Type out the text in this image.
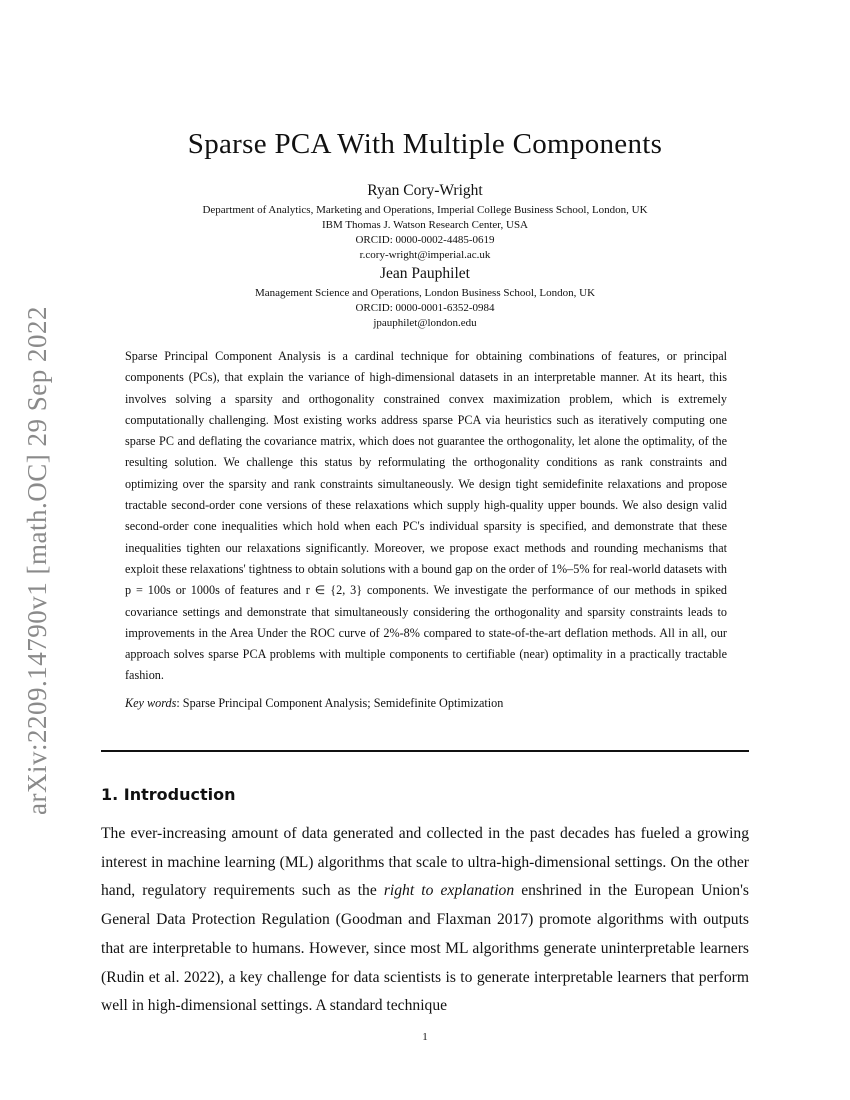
arXiv:2209.14790v1 [math.OC] 29 Sep 2022
Sparse PCA With Multiple Components
Ryan Cory-Wright
Department of Analytics, Marketing and Operations, Imperial College Business School, London, UK
IBM Thomas J. Watson Research Center, USA
ORCID: 0000-0002-4485-0619
r.cory-wright@imperial.ac.uk
Jean Pauphilet
Management Science and Operations, London Business School, London, UK
ORCID: 0000-0001-6352-0984
jpauphilet@london.edu

Sparse Principal Component Analysis is a cardinal technique for obtaining combinations of features, or principal components (PCs), that explain the variance of high-dimensional datasets in an interpretable manner. At its heart, this involves solving a sparsity and orthogonality constrained convex maximization problem, which is extremely computationally challenging. Most existing works address sparse PCA via heuristics such as iteratively computing one sparse PC and deflating the covariance matrix, which does not guarantee the orthogonality, let alone the optimality, of the resulting solution. We challenge this status by reformulating the orthogonality conditions as rank constraints and optimizing over the sparsity and rank constraints simultaneously. We design tight semidefinite relaxations and propose tractable second-order cone versions of these relaxations which supply high-quality upper bounds. We also design valid second-order cone inequalities which hold when each PC's individual sparsity is specified, and demonstrate that these inequalities tighten our relaxations significantly. Moreover, we propose exact methods and rounding mechanisms that exploit these relaxations' tightness to obtain solutions with a bound gap on the order of 1%–5% for real-world datasets with p = 100s or 1000s of features and r ∈ {2, 3} components. We investigate the performance of our methods in spiked covariance settings and demonstrate that simultaneously considering the orthogonality and sparsity constraints leads to improvements in the Area Under the ROC curve of 2%-8% compared to state-of-the-art deflation methods. All in all, our approach solves sparse PCA problems with multiple components to certifiable (near) optimality in a practically tractable fashion.

Key words: Sparse Principal Component Analysis; Semidefinite Optimization

1. Introduction

The ever-increasing amount of data generated and collected in the past decades has fueled a growing interest in machine learning (ML) algorithms that scale to ultra-high-dimensional settings. On the other hand, regulatory requirements such as the right to explanation enshrined in the European Union's General Data Protection Regulation (Goodman and Flaxman 2017) promote algorithms with outputs that are interpretable to humans. However, since most ML algorithms generate uninterpretable learners (Rudin et al. 2022), a key challenge for data scientists is to generate interpretable learners that perform well in high-dimensional settings. A standard technique

1
